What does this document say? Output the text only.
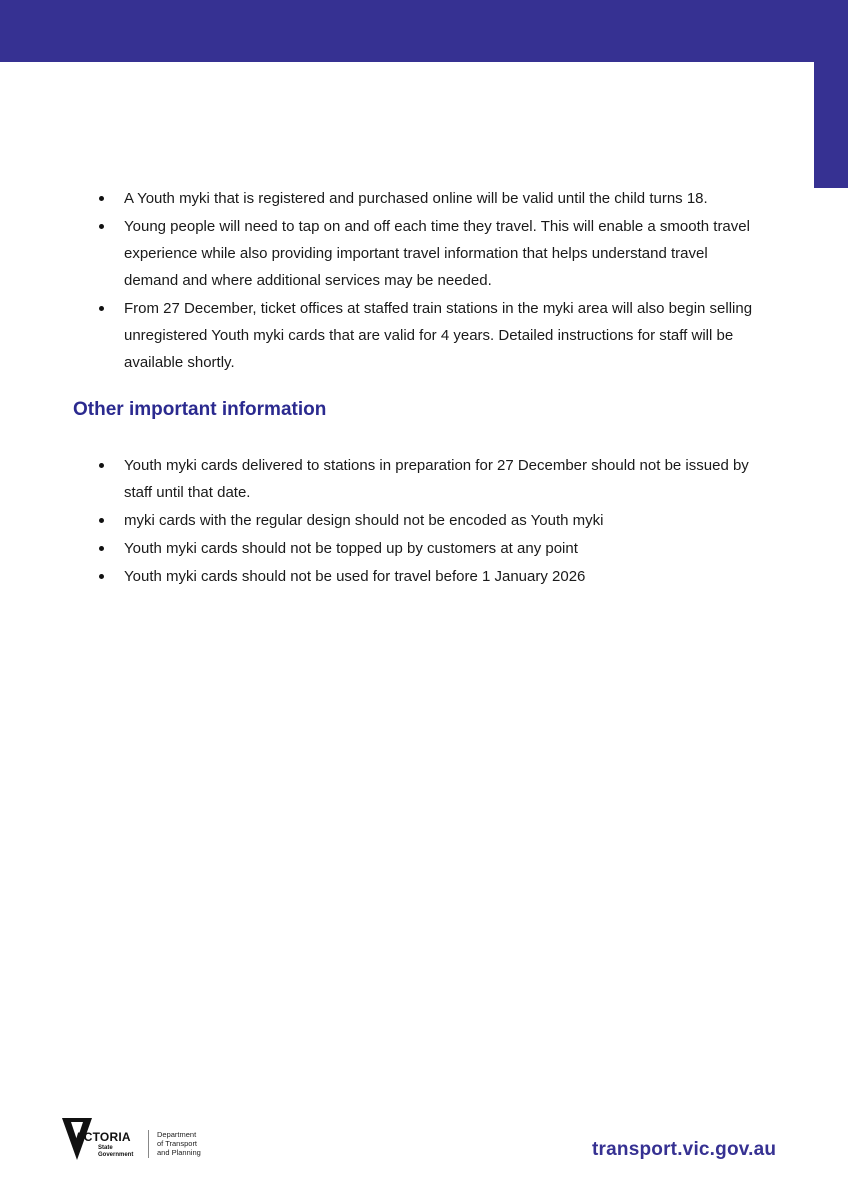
A Youth myki that is registered and purchased online will be valid until the child turns 18.
Young people will need to tap on and off each time they travel. This will enable a smooth travel experience while also providing important travel information that helps understand travel demand and where additional services may be needed.
From 27 December, ticket offices at staffed train stations in the myki area will also begin selling unregistered Youth myki cards that are valid for 4 years. Detailed instructions for staff will be available shortly.
Other important information
Youth myki cards delivered to stations in preparation for 27 December should not be issued by staff until that date.
myki cards with the regular design should not be encoded as Youth myki
Youth myki cards should not be topped up by customers at any point
Youth myki cards should not be used for travel before 1 January 2026
VICTORIA
State
Government
Department
of Transport
and Planning	transport.vic.gov.au
